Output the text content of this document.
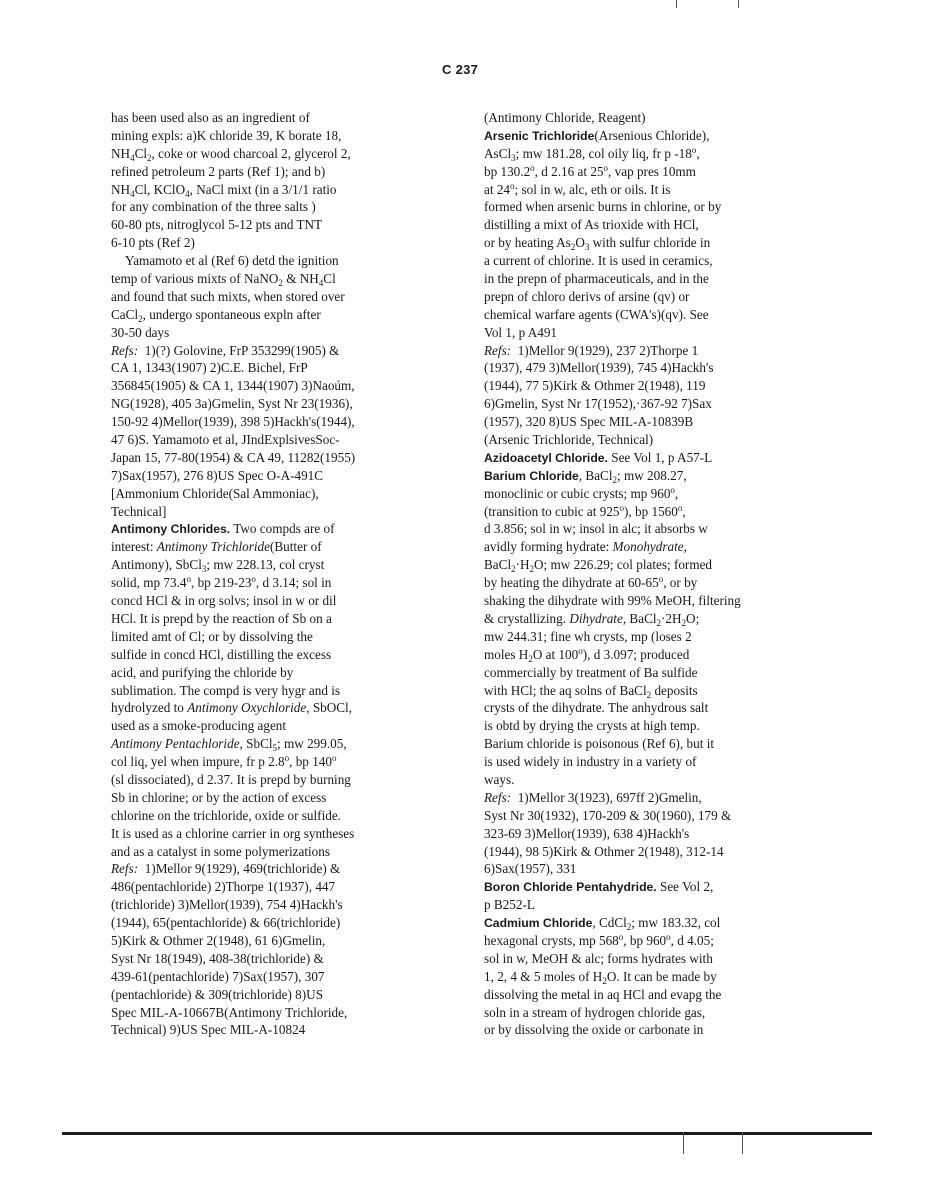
C 237
has been used also as an ingredient of
mining expls: a)K chloride 39, K borate 18,
$NH_4Cl_2$, coke or wood charcoal 2, glycerol 2,
refined petroleum 2 parts (Ref 1); and b)
$NH_4Cl$, KClO$_4$, NaCl mixt (in a 3/1/1 ratio
for any combination of the three salts )
60-80 pts, nitroglycol 5-12 pts and TNT
6-10 pts (Ref 2)
Yamamoto et al (Ref 6) detd the ignition
temp of various mixts of NaNO$_2$ & $NH_4Cl$
and found that such mixts, when stored over
CaCl$_2$, undergo spontaneous expln after
30-50 days
Refs: 1)(?) Golovine, FrP 353299(1905) &
CA 1, 1343(1907) 2)C.E. Bichel, FrP
356845(1905) & CA 1, 1344(1907) 3)Naoúm,
NG(1928), 405 3a)Gmelin, Syst Nr 23(1936),
150-92 4)Mellor(1939), 398 5)Hackh's(1944),
47 6)S. Yamamoto et al, JIndExplsivesSoc-
Japan 15, 77-80(1954) & CA 49, 11282(1955)
7)Sax(1957), 276 8)US Spec O-A-491C
[Ammonium Chloride(Sal Ammoniac),
Technical]
Antimony Chlorides. Two compds are of
interest: Antimony Trichloride(Butter of
Antimony), SbCl$_3$; mw 228.13, col cryst
solid, mp 73.4$^o$, bp 219-23$^o$, d 3.14; sol in
concd HCl & in org solvs; insol in w or dil
HCl. It is prepd by the reaction of Sb on a
limited amt of Cl; or by dissolving the
sulfide in concd HCl, distilling the excess
acid, and purifying the chloride by
sublimation. The compd is very hygr and is
hydrolyzed to Antimony Oxychloride, SbOCl,
used as a smoke-producing agent
Antimony Pentachloride, SbCl$_5$; mw 299.05,
col liq, yel when impure, fr p 2.8$^o$, bp 140$^o$
(sl dissociated), d 2.37. It is prepd by burning
Sb in chlorine; or by the action of excess
chlorine on the trichloride, oxide or sulfide.
It is used as a chlorine carrier in org syntheses
and as a catalyst in some polymerizations
Refs: 1)Mellor 9(1929), 469(trichloride) &
486(pentachloride) 2)Thorpe 1(1937), 447
(trichloride) 3)Mellor(1939), 754 4)Hackh's
(1944), 65(pentachloride) & 66(trichloride)
5)Kirk & Othmer 2(1948), 61 6)Gmelin,
Syst Nr 18(1949), 408-38(trichloride) &
439-61(pentachloride) 7)Sax(1957), 307
(pentachloride) & 309(trichloride) 8)US
Spec MIL-A-10667B(Antimony Trichloride,
Technical) 9)US Spec MIL-A-10824
(Antimony Chloride, Reagent)
Arsenic Trichloride(Arsenious Chloride),
AsCl$_3$; mw 181.28, col oily liq, fr p -18$^o$,
bp 130.2$^o$, d 2.16 at 25$^o$, vap pres 10mm
at 24$^o$; sol in w, alc, eth or oils. It is
formed when arsenic burns in chlorine, or by
distilling a mixt of As trioxide with HCl,
or by heating $As_2O_3$ with sulfur chloride in
a current of chlorine. It is used in ceramics,
in the prepn of pharmaceuticals, and in the
prepn of chloro derivs of arsine (qv) or
chemical warfare agents (CWA's)(qv). See
Vol 1, p A491
Refs: 1)Mellor 9(1929), 237 2)Thorpe 1
(1937), 479 3)Mellor(1939), 745 4)Hackh's
(1944), 77 5)Kirk & Othmer 2(1948), 119
6)Gmelin, Syst Nr 17(1952),·367-92 7)Sax
(1957), 320 8)US Spec MIL-A-10839B
(Arsenic Trichloride, Technical)
Azidoacetyl Chloride. See Vol 1, p A57-L
Barium Chloride, BaCl$_2$; mw 208.27,
monoclinic or cubic crysts; mp 960$^o$,
(transition to cubic at 925$^o$), bp 1560$^o$,
d 3.856; sol in w; insol in alc; it absorbs w
avidly forming hydrate: Monohydrate,
$BaCl_2\cdot H_2O$; mw 226.29; col plates; formed
by heating the dihydrate at 60-65$^o$, or by
shaking the dihydrate with 99% MeOH, filtering
& crystallizing. Dihydrate, $BaCl_2\cdot 2H_2O$;
mw 244.31; fine wh crysts, mp (loses 2
moles $H_2O$ at 100$^o$), d 3.097; produced
commercially by treatment of Ba sulfide
with HCl; the aq solns of BaCl$_2$ deposits
crysts of the dihydrate. The anhydrous salt
is obtd by drying the crysts at high temp.
Barium chloride is poisonous (Ref 6), but it
is used widely in industry in a variety of
ways.
Refs: 1)Mellor 3(1923), 697ff 2)Gmelin,
Syst Nr 30(1932), 170-209 & 30(1960), 179 &
323-69 3)Mellor(1939), 638 4)Hackh's
(1944), 98 5)Kirk & Othmer 2(1948), 312-14
6)Sax(1957), 331
Boron Chloride Pentahydride. See Vol 2,
p B252-L
Cadmium Chloride, CdCl$_2$; mw 183.32, col
hexagonal crysts, mp 568$^o$, bp 960$^o$, d 4.05;
sol in w, MeOH & alc; forms hydrates with
1, 2, 4 & 5 moles of $H_2O$. It can be made by
dissolving the metal in aq HCl and evapg the
soln in a stream of hydrogen chloride gas,
or by dissolving the oxide or carbonate in
